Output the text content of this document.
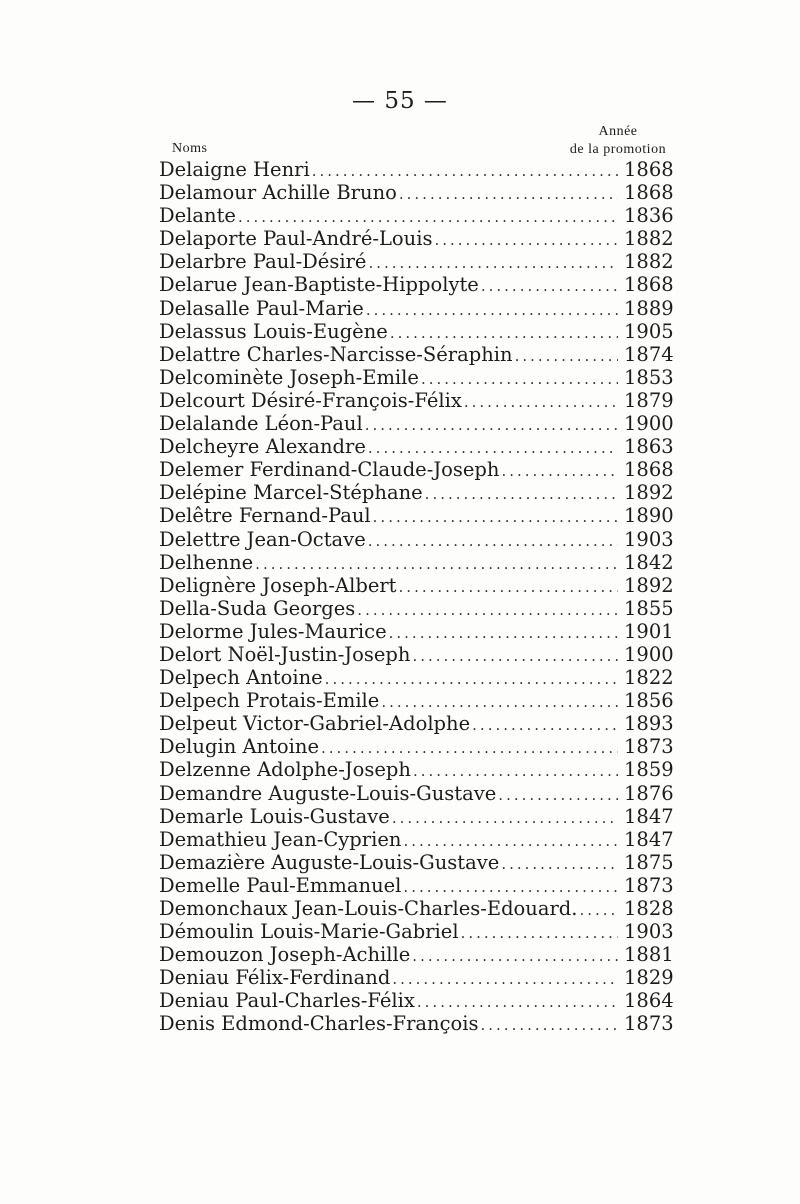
— 55 —
Noms
Année
de la promotion
Delaigne Henri .....	1868
Delamour Achille Bruno .....	1868
Delante .....	1836
Delaporte Paul-André-Louis .....	1882
Delarbre Paul-Désiré .....	1882
Delarue Jean-Baptiste-Hippolyte .....	1868
Delasalle Paul-Marie .....	1889
Delassus Louis-Eugène .....	1905
Delattre Charles-Narcisse-Séraphin .....	1874
Delcominète Joseph-Emile .....	1853
Delcourt Désiré-François-Félix .....	1879
Delalande Léon-Paul .....	1900
Delcheyre Alexandre .....	1863
Delemer Ferdinand-Claude-Joseph .....	1868
Delépine Marcel-Stéphane .....	1892
Delêtre Fernand-Paul .....	1890
Delettre Jean-Octave .....	1903
Delhenne .....	1842
Delignère Joseph-Albert .....	1892
Della-Suda Georges .....	1855
Delorme Jules-Maurice .....	1901
Delort Noël-Justin-Joseph .....	1900
Delpech Antoine .....	1822
Delpech Protais-Emile .....	1856
Delpeut Victor-Gabriel-Adolphe .....	1893
Delugin Antoine .....	1873
Delzenne Adolphe-Joseph .....	1859
Demandre Auguste-Louis-Gustave .....	1876
Demarle Louis-Gustave .....	1847
Demathieu Jean-Cyprien .....	1847
Demazière Auguste-Louis-Gustave .....	1875
Demelle Paul-Emmanuel .....	1873
Demonchaux Jean-Louis-Charles-Edouard. ..... 1828
Démoulin Louis-Marie-Gabriel .....	1903
Demouzon Joseph-Achille .....	1881
Deniau Félix-Ferdinand .....	1829
Deniau Paul-Charles-Félix .....	1864
Denis Edmond-Charles-François .....	1873
